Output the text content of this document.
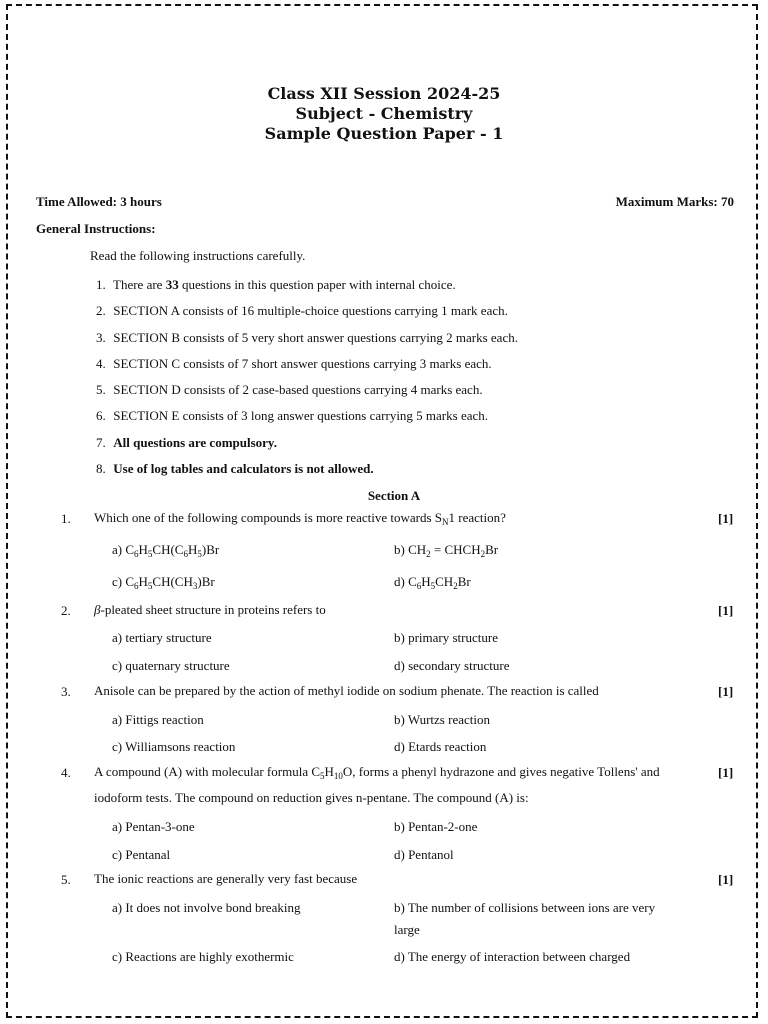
Class XII Session 2024-25
Subject - Chemistry
Sample Question Paper - 1
Time Allowed: 3 hours	Maximum Marks: 70
General Instructions:
Read the following instructions carefully.
1. There are 33 questions in this question paper with internal choice.
2. SECTION A consists of 16 multiple-choice questions carrying 1 mark each.
3. SECTION B consists of 5 very short answer questions carrying 2 marks each.
4. SECTION C consists of 7 short answer questions carrying 3 marks each.
5. SECTION D consists of 2 case-based questions carrying 4 marks each.
6. SECTION E consists of 3 long answer questions carrying 5 marks each.
7. All questions are compulsory.
8. Use of log tables and calculators is not allowed.
Section A
1. Which one of the following compounds is more reactive towards $S_N1$ reaction?	[1]
a) $C_6H_5CH(C_6H_5)Br$	b) $CH_2$ = $CHCH_2Br$
c) $C_6H_5CH(CH_3)Br$	d) $C_6H_5CH_2Br$
2. β-pleated sheet structure in proteins refers to	[1]
a) tertiary structure	b) primary structure
c) quaternary structure	d) secondary structure
3. Anisole can be prepared by the action of methyl iodide on sodium phenate. The reaction is called	[1]
a) Fittigs reaction	b) Wurtzs reaction
c) Williamsons reaction	d) Etards reaction
4. A compound (A) with molecular formula $C_5H_{10}O$, forms a phenyl hydrazone and gives negative Tollens' and iodoform tests. The compound on reduction gives n-pentane. The compound (A) is:
[1]
a) Pentan-3-one	b) Pentan-2-one
c) Pentanal	d) Pentanol
5. The ionic reactions are generally very fast because	[1]
a) It does not involve bond breaking	b) The number of collisions between ions are very large
c) Reactions are highly exothermic	d) The energy of interaction between charged
